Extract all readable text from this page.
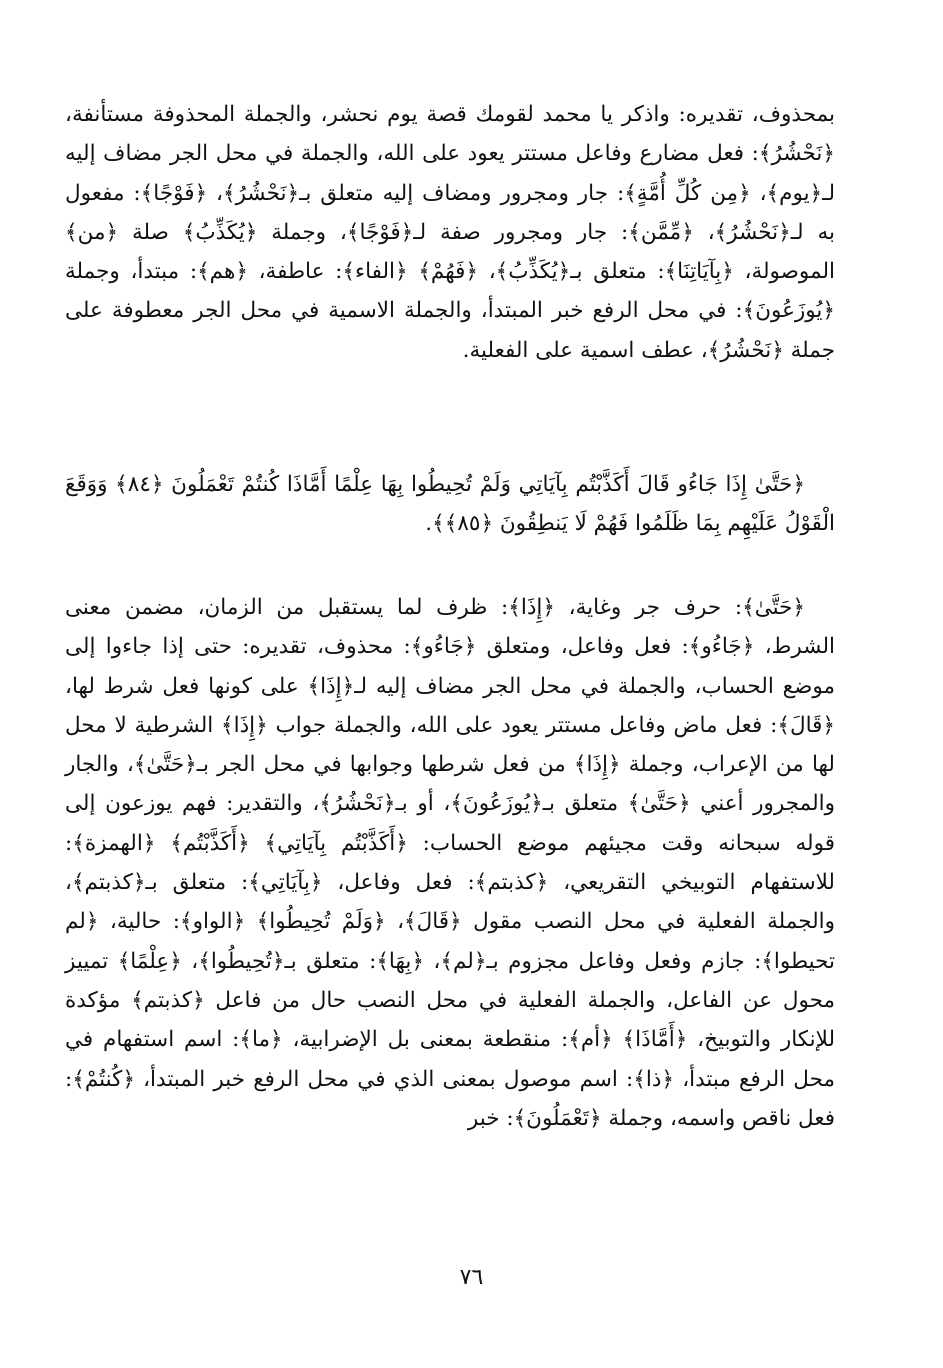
بمحذوف، تقديره: واذكر يا محمد لقومك قصة يوم نحشر، والجملة المحذوفة مستأنفة، ﴿نَحْشُرُ﴾: فعل مضارع وفاعل مستتر يعود على الله، والجملة في محل الجر مضاف إليه لـ﴿يوم﴾، ﴿مِن كُلِّ أُمَّةٍ﴾: جار ومجرور ومضاف إليه متعلق بـ﴿نَحْشُرُ﴾، ﴿فَوْجًا﴾: مفعول به لـ﴿نَحْشُرُ﴾، ﴿مِّمَّن﴾: جار ومجرور صفة لـ﴿فَوْجًا﴾، وجملة ﴿يُكَذِّبُ﴾ صلة ﴿من﴾ الموصولة، ﴿بِآيَاتِنَا﴾: متعلق بـ﴿يُكَذِّبُ﴾، ﴿فَهُمْ﴾ ﴿الفاء﴾: عاطفة، ﴿هم﴾: مبتدأ، وجملة ﴿يُوزَعُونَ﴾: في محل الرفع خبر المبتدأ، والجملة الاسمية في محل الجر معطوفة على جملة ﴿نَحْشُرُ﴾، عطف اسمية على الفعلية.

﴿حَتَّىٰ إِذَا جَاءُو قَالَ أَكَذَّبْتُم بِآيَاتِي وَلَمْ تُحِيطُوا بِهَا عِلْمًا أَمَّاذَا كُنتُمْ تَعْمَلُونَ ﴿٨٤﴾ وَوَقَعَ الْقَوْلُ عَلَيْهِم بِمَا ظَلَمُوا فَهُمْ لَا يَنطِقُونَ ﴿٨٥﴾﴾.

﴿حَتَّىٰ﴾: حرف جر وغاية، ﴿إِذَا﴾: ظرف لما يستقبل من الزمان، مضمن معنى الشرط، ﴿جَاءُو﴾: فعل وفاعل، ومتعلق ﴿جَاءُو﴾: محذوف، تقديره: حتى إذا جاءوا إلى موضع الحساب، والجملة في محل الجر مضاف إليه لـ﴿إِذَا﴾ على كونها فعل شرط لها، ﴿قَالَ﴾: فعل ماض وفاعل مستتر يعود على الله، والجملة جواب ﴿إِذَا﴾ الشرطية لا محل لها من الإعراب، وجملة ﴿إِذَا﴾ من فعل شرطها وجوابها في محل الجر بـ﴿حَتَّىٰ﴾، والجار والمجرور أعني ﴿حَتَّىٰ﴾ متعلق بـ﴿يُوزَعُونَ﴾، أو بـ﴿نَحْشُرُ﴾، والتقدير: فهم يوزعون إلى قوله سبحانه وقت مجيئهم موضع الحساب: ﴿أَكَذَّبْتُم بِآيَاتِي﴾ ﴿أَكَذَّبْتُم﴾ ﴿الهمزة﴾: للاستفهام التوبيخي التقريعي، ﴿كذبتم﴾: فعل وفاعل، ﴿بِآيَاتِي﴾: متعلق بـ﴿كذبتم﴾، والجملة الفعلية في محل النصب مقول ﴿قَالَ﴾، ﴿وَلَمْ تُحِيطُوا﴾ ﴿الواو﴾: حالية، ﴿لم تحيطوا﴾: جازم وفعل وفاعل مجزوم بـ﴿لم﴾، ﴿بِهَا﴾: متعلق بـ﴿تُحِيطُوا﴾، ﴿عِلْمًا﴾ تمييز محول عن الفاعل، والجملة الفعلية في محل النصب حال من فاعل ﴿كذبتم﴾ مؤكدة للإنكار والتوبيخ، ﴿أَمَّاذَا﴾ ﴿أم﴾: منقطعة بمعنى بل الإضرابية، ﴿ما﴾: اسم استفهام في محل الرفع مبتدأ، ﴿ذا﴾: اسم موصول بمعنى الذي في محل الرفع خبر المبتدأ، ﴿كُنتُمْ﴾: فعل ناقص واسمه، وجملة ﴿تَعْمَلُونَ﴾: خبر

٧٦
